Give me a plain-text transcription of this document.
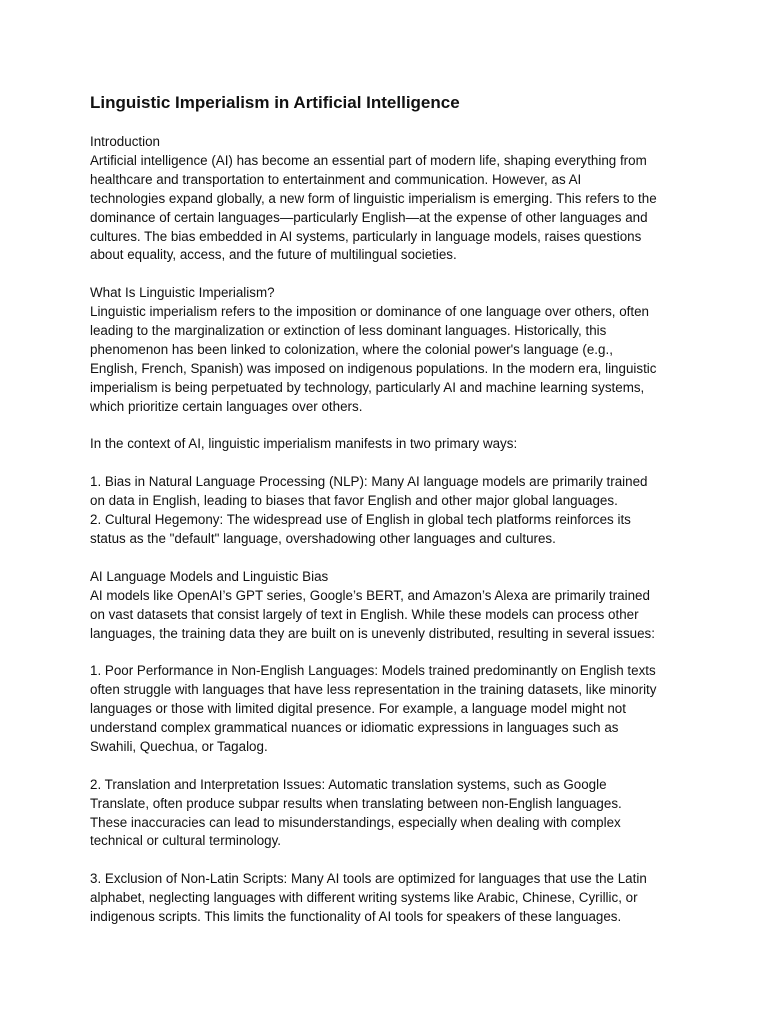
Linguistic Imperialism in Artificial Intelligence
Introduction
Artificial intelligence (AI) has become an essential part of modern life, shaping everything from
healthcare and transportation to entertainment and communication. However, as AI
technologies expand globally, a new form of linguistic imperialism is emerging. This refers to the
dominance of certain languages—particularly English—at the expense of other languages and
cultures. The bias embedded in AI systems, particularly in language models, raises questions
about equality, access, and the future of multilingual societies.
What Is Linguistic Imperialism?
Linguistic imperialism refers to the imposition or dominance of one language over others, often
leading to the marginalization or extinction of less dominant languages. Historically, this
phenomenon has been linked to colonization, where the colonial power's language (e.g.,
English, French, Spanish) was imposed on indigenous populations. In the modern era, linguistic
imperialism is being perpetuated by technology, particularly AI and machine learning systems,
which prioritize certain languages over others.
In the context of AI, linguistic imperialism manifests in two primary ways:
1. Bias in Natural Language Processing (NLP): Many AI language models are primarily trained
on data in English, leading to biases that favor English and other major global languages.
2. Cultural Hegemony: The widespread use of English in global tech platforms reinforces its
status as the "default" language, overshadowing other languages and cultures.
AI Language Models and Linguistic Bias
AI models like OpenAI’s GPT series, Google’s BERT, and Amazon’s Alexa are primarily trained
on vast datasets that consist largely of text in English. While these models can process other
languages, the training data they are built on is unevenly distributed, resulting in several issues:
1. Poor Performance in Non-English Languages: Models trained predominantly on English texts
often struggle with languages that have less representation in the training datasets, like minority
languages or those with limited digital presence. For example, a language model might not
understand complex grammatical nuances or idiomatic expressions in languages such as
Swahili, Quechua, or Tagalog.
2. Translation and Interpretation Issues: Automatic translation systems, such as Google
Translate, often produce subpar results when translating between non-English languages.
These inaccuracies can lead to misunderstandings, especially when dealing with complex
technical or cultural terminology.
3. Exclusion of Non-Latin Scripts: Many AI tools are optimized for languages that use the Latin
alphabet, neglecting languages with different writing systems like Arabic, Chinese, Cyrillic, or
indigenous scripts. This limits the functionality of AI tools for speakers of these languages.
